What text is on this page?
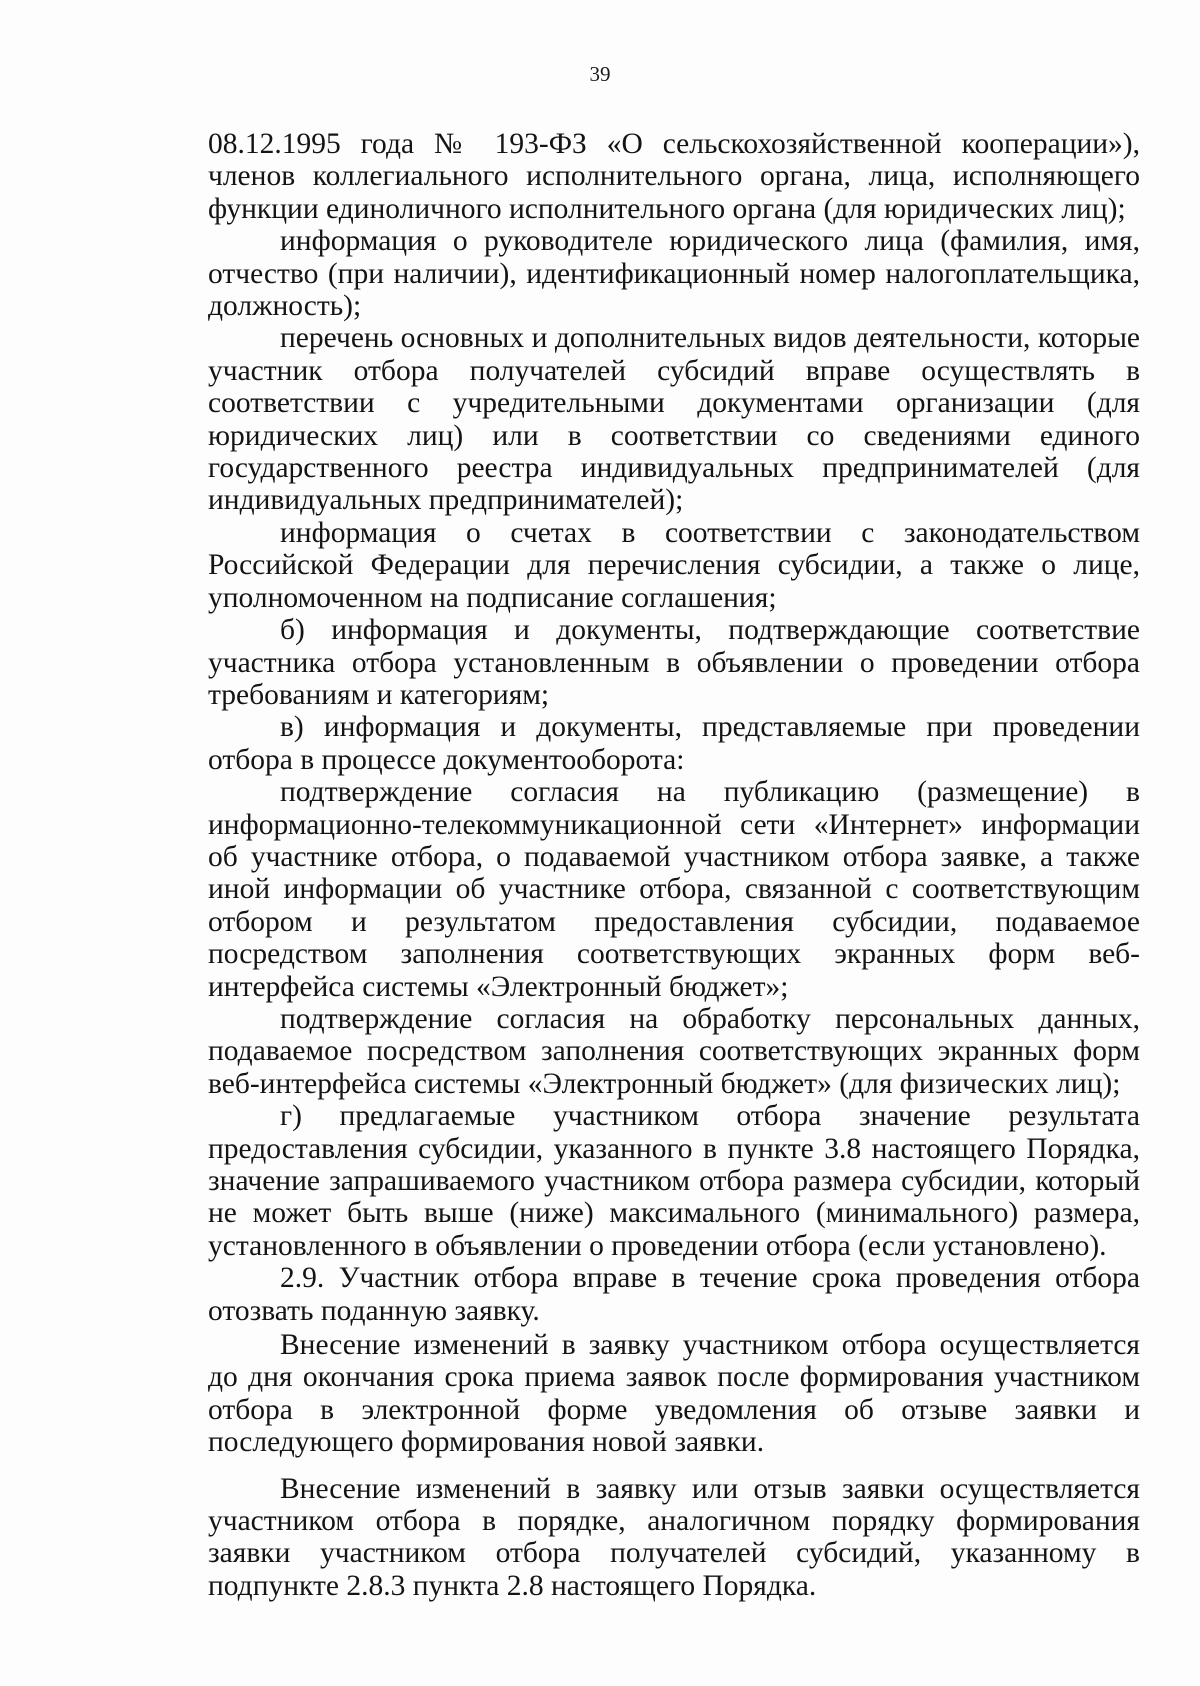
39

08.12.1995 года № 193-ФЗ «О сельскохозяйственной кооперации»), членов коллегиального исполнительного органа, лица, исполняющего функции единоличного исполнительного органа (для юридических лиц);

информация о руководителе юридического лица (фамилия, имя, отчество (при наличии), идентификационный номер налогоплательщика, должность);

перечень основных и дополнительных видов деятельности, которые участник отбора получателей субсидий вправе осуществлять в соответствии с учредительными документами организации (для юридических лиц) или в соответствии со сведениями единого государственного реестра индивидуальных предпринимателей (для индивидуальных предпринимателей);

информация о счетах в соответствии с законодательством Российской Федерации для перечисления субсидии, а также о лице, уполномоченном на подписание соглашения;

б) информация и документы, подтверждающие соответствие участника отбора установленным в объявлении о проведении отбора требованиям и категориям;

в) информация и документы, представляемые при проведении отбора в процессе документооборота:

подтверждение согласия на публикацию (размещение) в информационно-телекоммуникационной сети «Интернет» информации об участнике отбора, о подаваемой участником отбора заявке, а также иной информации об участнике отбора, связанной с соответствующим отбором и результатом предоставления субсидии, подаваемое посредством заполнения соответствующих экранных форм веб-интерфейса системы «Электронный бюджет»;

подтверждение согласия на обработку персональных данных, подаваемое посредством заполнения соответствующих экранных форм веб-интерфейса системы «Электронный бюджет» (для физических лиц);

г) предлагаемые участником отбора значение результата предоставления субсидии, указанного в пункте 3.8 настоящего Порядка, значение запрашиваемого участником отбора размера субсидии, который не может быть выше (ниже) максимального (минимального) размера, установленного в объявлении о проведении отбора (если установлено).

2.9. Участник отбора вправе в течение срока проведения отбора отозвать поданную заявку.

Внесение изменений в заявку участником отбора осуществляется до дня окончания срока приема заявок после формирования участником отбора в электронной форме уведомления об отзыве заявки и последующего формирования новой заявки.

Внесение изменений в заявку или отзыв заявки осуществляется участником отбора в порядке, аналогичном порядку формирования заявки участником отбора получателей субсидий, указанному в подпункте 2.8.3 пункта 2.8 настоящего Порядка.
